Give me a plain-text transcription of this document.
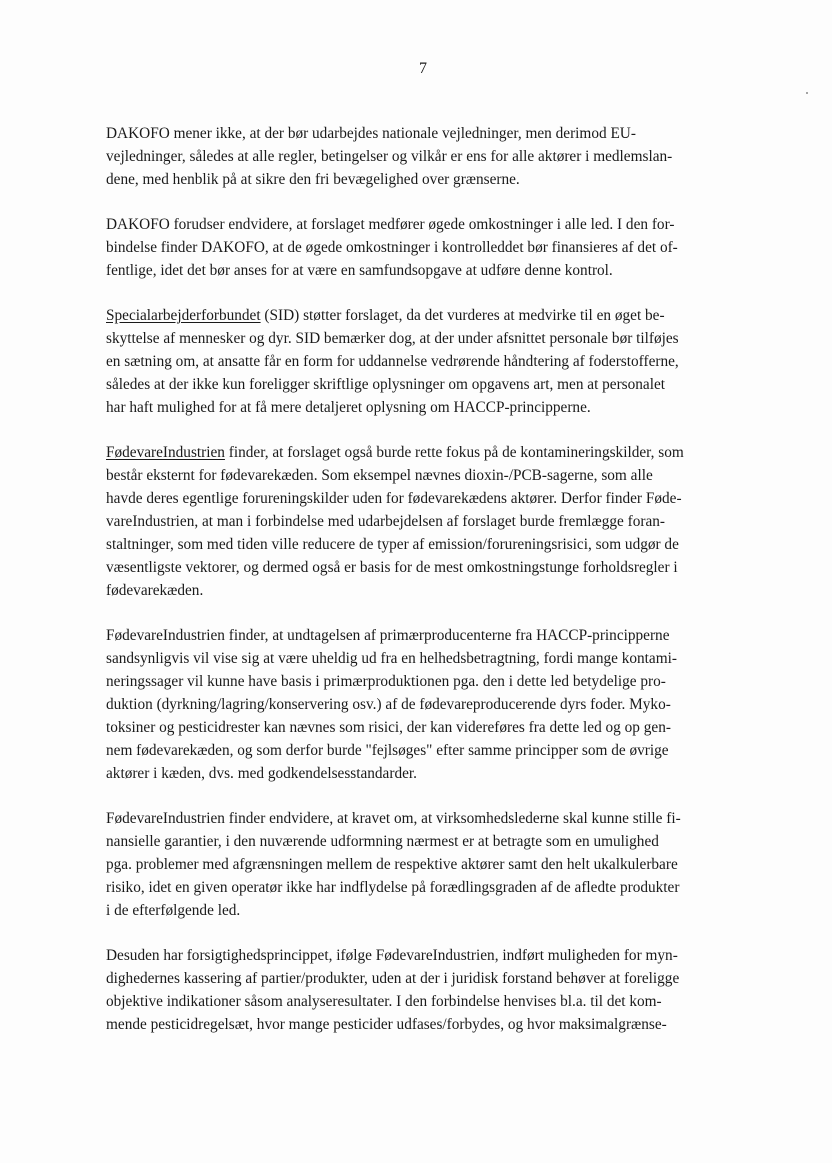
7

DAKOFO mener ikke, at der bør udarbejdes nationale vejledninger, men derimod EU-
vejledninger, således at alle regler, betingelser og vilkår er ens for alle aktører i medlemslan-
dene, med henblik på at sikre den fri bevægelighed over grænserne.

DAKOFO forudser endvidere, at forslaget medfører øgede omkostninger i alle led. I den for-
bindelse finder DAKOFO, at de øgede omkostninger i kontrolleddet bør finansieres af det of-
fentlige, idet det bør anses for at være en samfundsopgave at udføre denne kontrol.

Specialarbejderforbundet (SID) støtter forslaget, da det vurderes at medvirke til en øget be-
skyttelse af mennesker og dyr. SID bemærker dog, at der under afsnittet personale bør tilføjes
en sætning om, at ansatte får en form for uddannelse vedrørende håndtering af foderstofferne,
således at der ikke kun foreligger skriftlige oplysninger om opgavens art, men at personalet
har haft mulighed for at få mere detaljeret oplysning om HACCP-principperne.

FødevareIndustrien finder, at forslaget også burde rette fokus på de kontamineringskilder, som
består eksternt for fødevarekæden. Som eksempel nævnes dioxin-/PCB-sagerne, som alle
havde deres egentlige forureningskilder uden for fødevarekædens aktører. Derfor finder Føde-
vareIndustrien, at man i forbindelse med udarbejdelsen af forslaget burde fremlægge foran-
staltninger, som med tiden ville reducere de typer af emission/forureningsrisici, som udgør de
væsentligste vektorer, og dermed også er basis for de mest omkostningstunge forholdsregler i
fødevarekæden.

FødevareIndustrien finder, at undtagelsen af primærproducenterne fra HACCP-principperne
sandsynligvis vil vise sig at være uheldig ud fra en helhedsbetragtning, fordi mange kontami-
neringssager vil kunne have basis i primærproduktionen pga. den i dette led betydelige pro-
duktion (dyrkning/lagring/konservering osv.) af de fødevareproducerende dyrs foder. Myko-
toksiner og pesticidrester kan nævnes som risici, der kan videreføres fra dette led og op gen-
nem fødevarekæden, og som derfor burde "fejlsøges" efter samme principper som de øvrige
aktører i kæden, dvs. med godkendelsesstandarder.

FødevareIndustrien finder endvidere, at kravet om, at virksomhedslederne skal kunne stille fi-
nansielle garantier, i den nuværende udformning nærmest er at betragte som en umulighed
pga. problemer med afgrænsningen mellem de respektive aktører samt den helt ukalkulerbare
risiko, idet en given operatør ikke har indflydelse på forædlingsgraden af de afledte produkter
i de efterfølgende led.

Desuden har forsigtighedsprincippet, ifølge FødevareIndustrien, indført muligheden for myn-
dighedernes kassering af partier/produkter, uden at der i juridisk forstand behøver at foreligge
objektive indikationer såsom analyseresultater. I den forbindelse henvises bl.a. til det kom-
mende pesticidregelsæt, hvor mange pesticider udfases/forbydes, og hvor maksimalgrænse-
